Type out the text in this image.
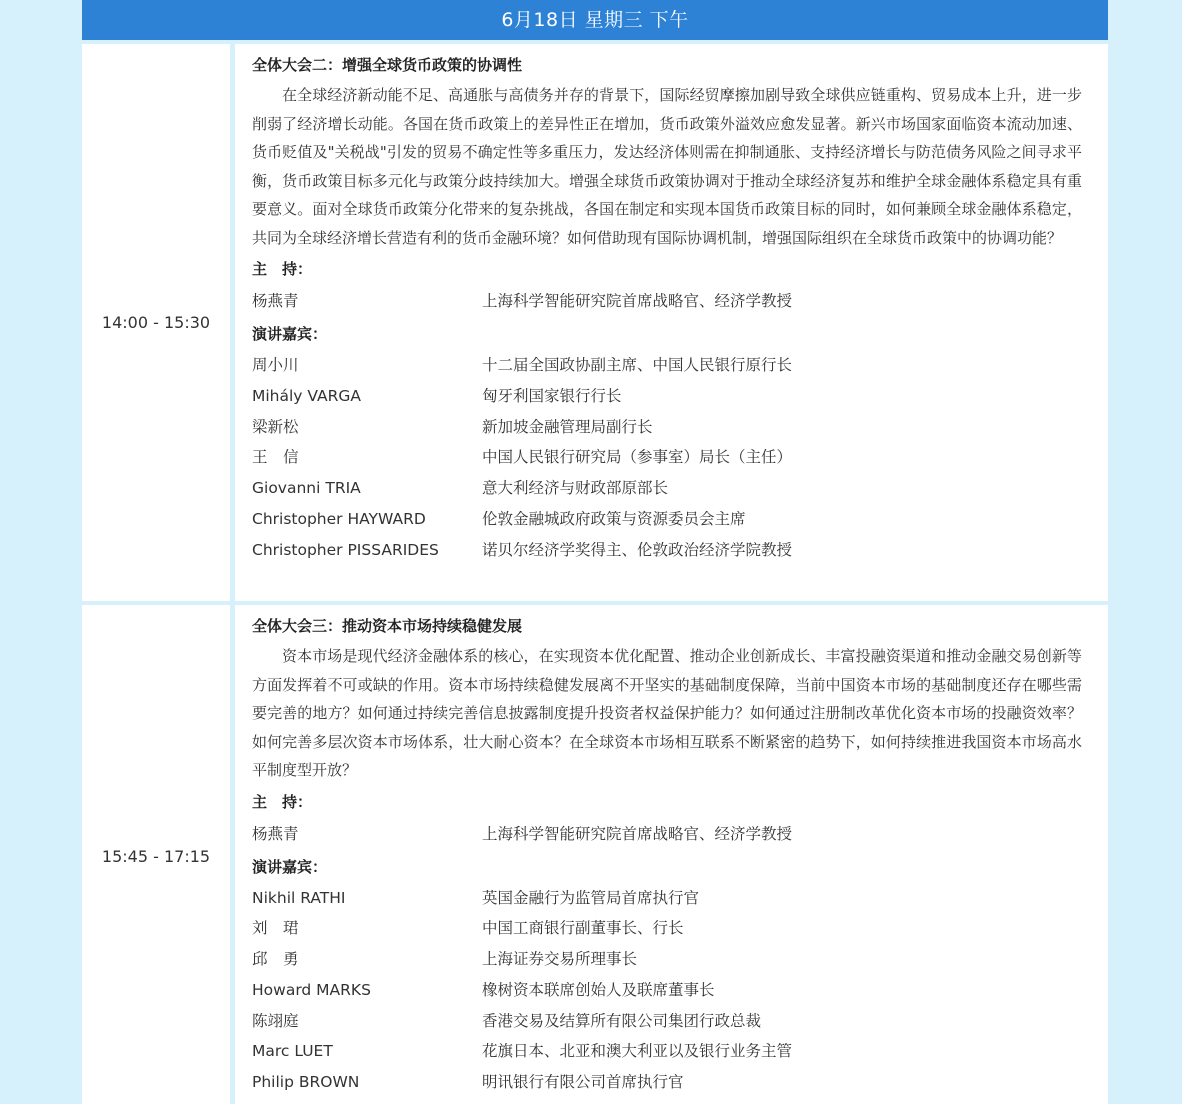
6月18日 星期三 下午
14:00 - 15:30
全体大会二：增强全球货币政策的协调性

在全球经济新动能不足、高通胀与高债务并存的背景下，国际经贸摩擦加剧导致全球供应链重构、贸易成本上升，进一步削弱了经济增长动能。各国在货币政策上的差异性正在增加，货币政策外溢效应愈发显著。新兴市场国家面临资本流动加速、货币贬值及"关税战"引发的贸易不确定性等多重压力，发达经济体则需在抑制通胀、支持经济增长与防范债务风险之间寻求平衡，货币政策目标多元化与政策分歧持续加大。增强全球货币政策协调对于推动全球经济复苏和维护全球金融体系稳定具有重要意义。面对全球货币政策分化带来的复杂挑战，各国在制定和实现本国货币政策目标的同时，如何兼顾全球金融体系稳定，共同为全球经济增长营造有利的货币金融环境？如何借助现有国际协调机制，增强国际组织在全球货币政策中的协调功能？

主　持：
杨燕青	上海科学智能研究院首席战略官、经济学教授
演讲嘉宾：
周小川	十二届全国政协副主席、中国人民银行原行长
Mihály VARGA	匈牙利国家银行行长
梁新松	新加坡金融管理局副行长
王　信	中国人民银行研究局（参事室）局长（主任）
Giovanni TRIA	意大利经济与财政部原部长
Christopher HAYWARD	伦敦金融城政府政策与资源委员会主席
Christopher PISSARIDES	诺贝尔经济学奖得主、伦敦政治经济学院教授
15:45 - 17:15
全体大会三：推动资本市场持续稳健发展

资本市场是现代经济金融体系的核心，在实现资本优化配置、推动企业创新成长、丰富投融资渠道和推动金融交易创新等方面发挥着不可或缺的作用。资本市场持续稳健发展离不开坚实的基础制度保障，当前中国资本市场的基础制度还存在哪些需要完善的地方？如何通过持续完善信息披露制度提升投资者权益保护能力？如何通过注册制改革优化资本市场的投融资效率？如何完善多层次资本市场体系，壮大耐心资本？在全球资本市场相互联系不断紧密的趋势下，如何持续推进我国资本市场高水平制度型开放？

主　持：
杨燕青	上海科学智能研究院首席战略官、经济学教授
演讲嘉宾：
Nikhil RATHI	英国金融行为监管局首席执行官
刘　珺	中国工商银行副董事长、行长
邱　勇	上海证券交易所理事长
Howard MARKS	橡树资本联席创始人及联席董事长
陈翊庭	香港交易及结算所有限公司集团行政总裁
Marc LUET	花旗日本、北亚和澳大利亚以及银行业务主管
Philip BROWN	明讯银行有限公司首席执行官
